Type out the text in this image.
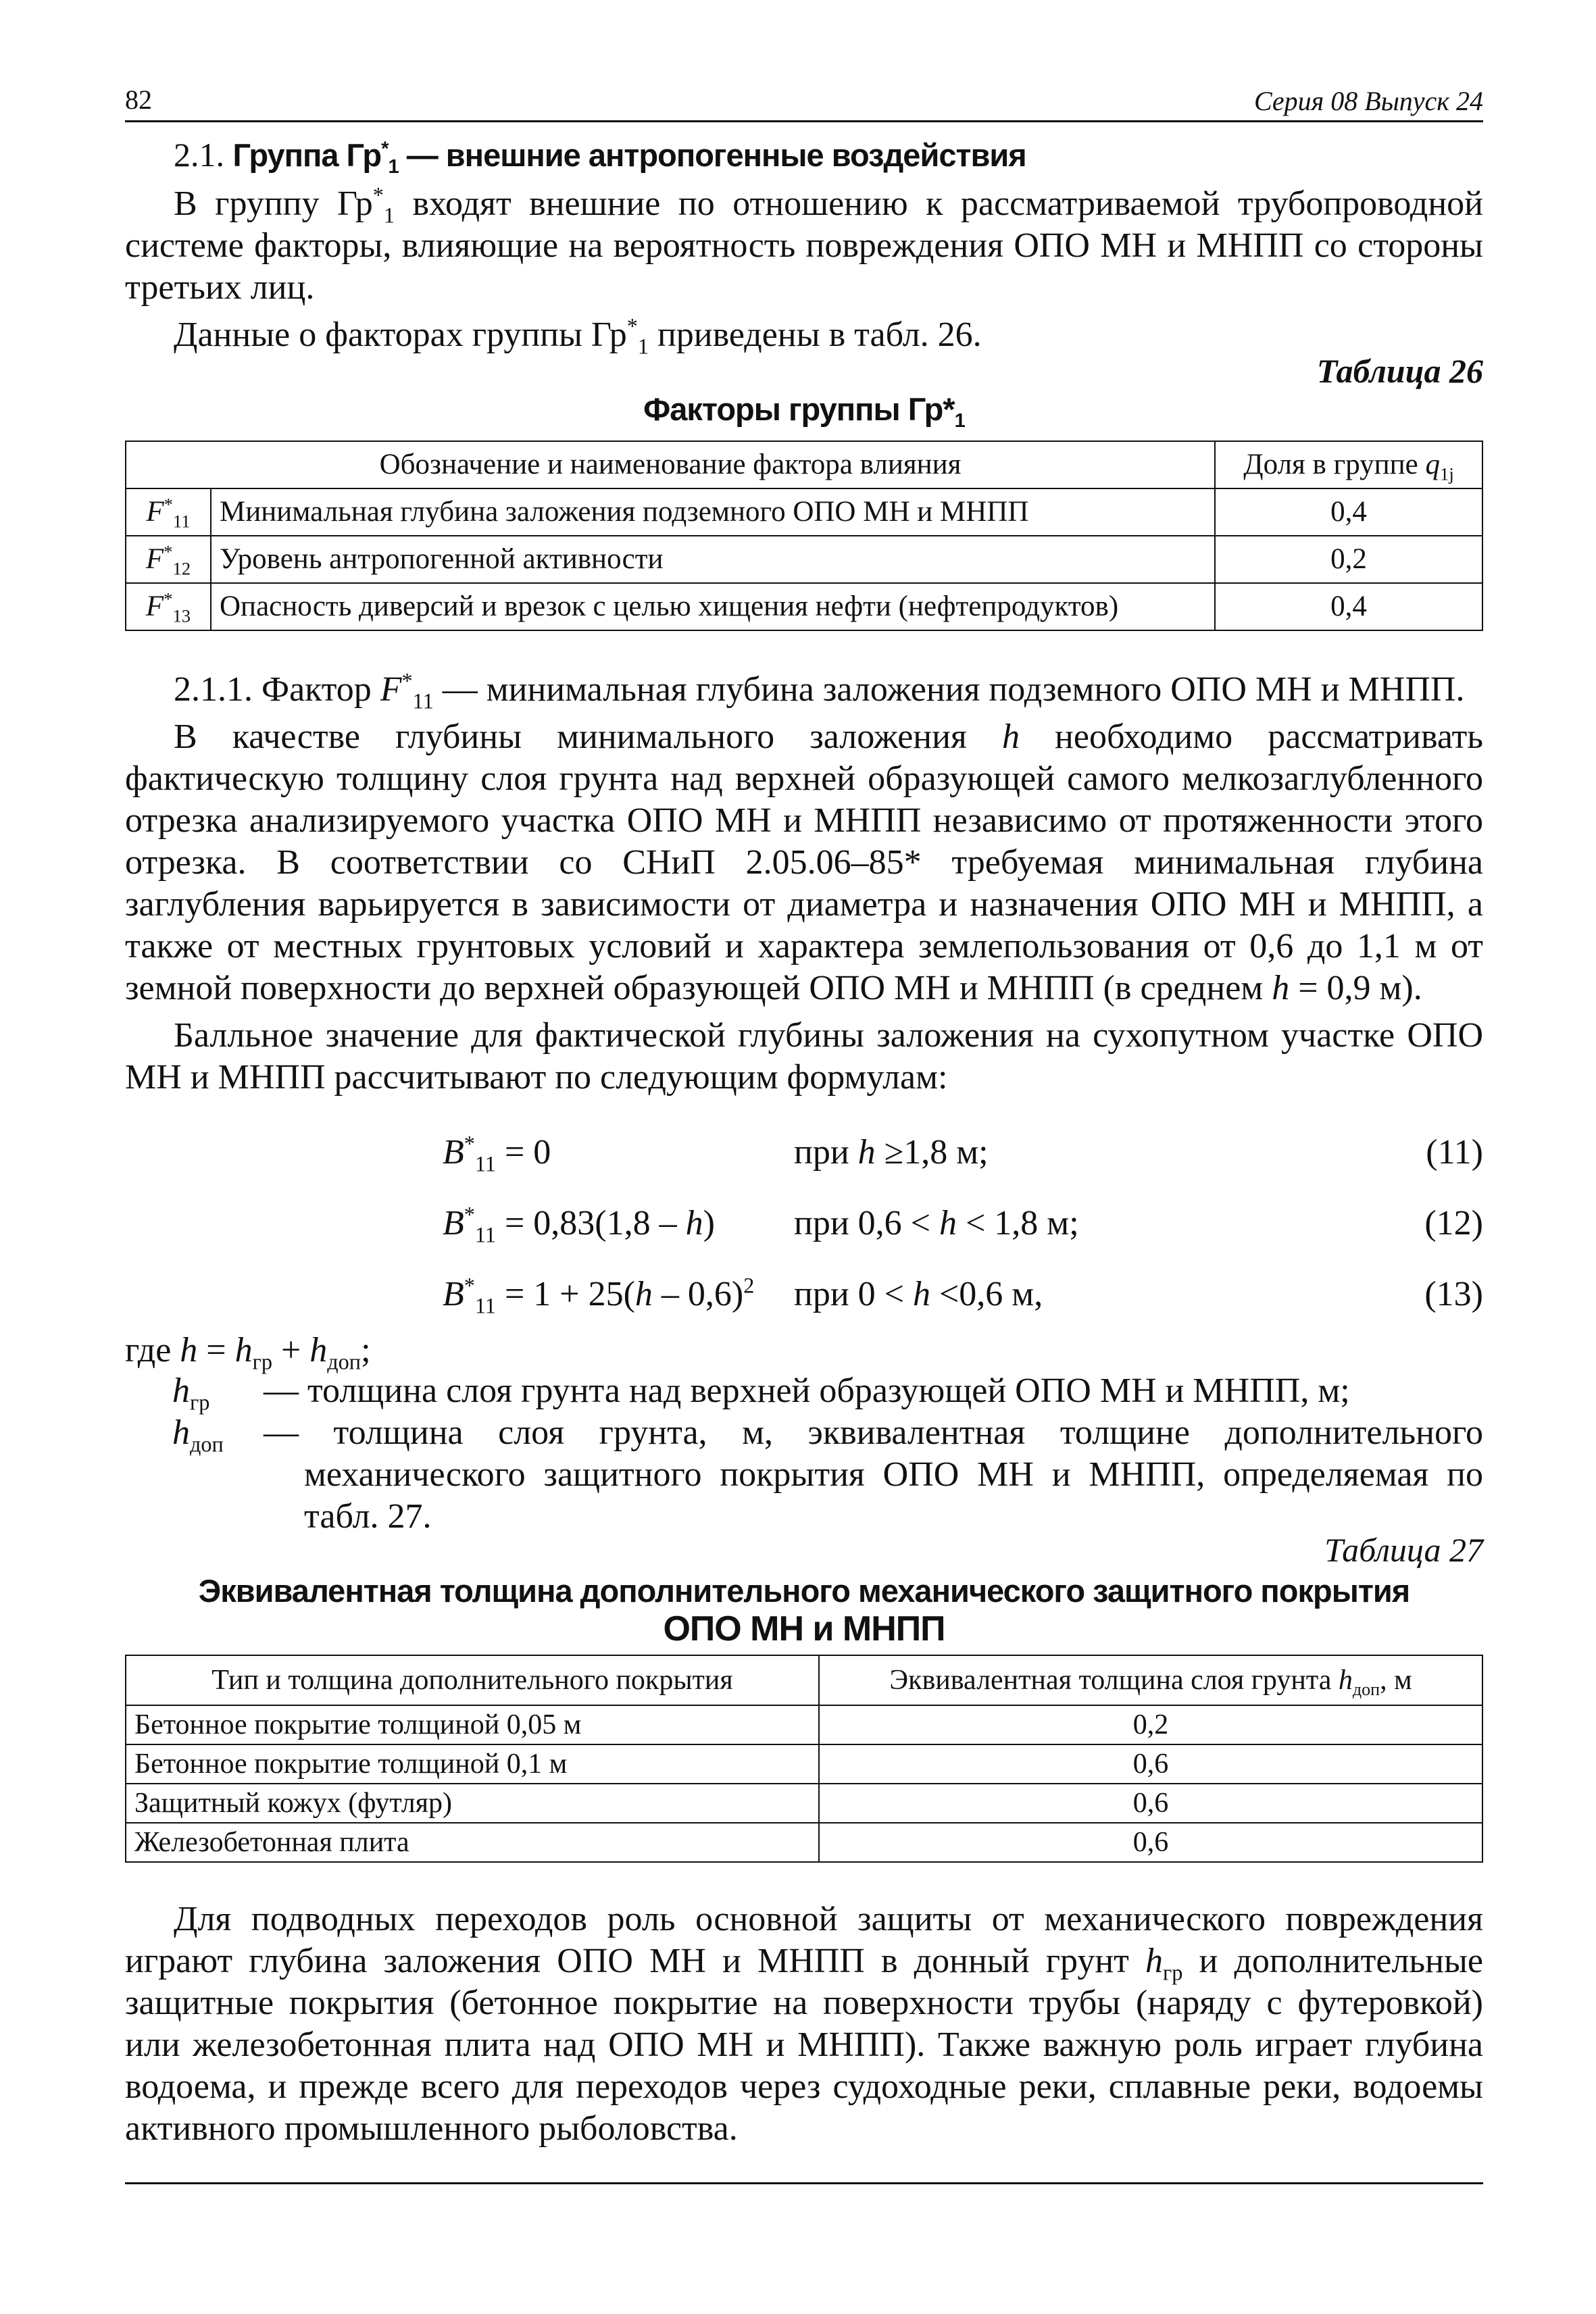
82	Серия 08 Выпуск 24

2.1. Группа $Гр^*_1$ — внешние антропогенные воздействия

В группу $Гр^*_1$ входят внешние по отношению к рассматриваемой трубопроводной системе факторы, влияющие на вероятность повреждения ОПО МН и МНПП со стороны третьих лиц.

Данные о факторах группы $Гр^*_1$ приведены в табл. 26.

Таблица 26
Факторы группы $Гр*_1$
Обозначение и наименование фактора влияния		Доля в группе $q_{1j}$
$F^*_{11}$	Минимальная глубина заложения подземного ОПО МН и МНПП	0,4
$F^*_{12}$	Уровень антропогенной активности	0,2
$F^*_{13}$	Опасность диверсий и врезок с целью хищения нефти (нефтепродуктов)	0,4

2.1.1. Фактор $F^*_{11}$ — минимальная глубина заложения подземного ОПО МН и МНПП.

В качестве глубины минимального заложения h необходимо рассматривать фактическую толщину слоя грунта над верхней образующей самого мелкозаглубленного отрезка анализируемого участка ОПО МН и МНПП независимо от протяженности этого отрезка. В соответствии со СНиП 2.05.06–85* требуемая минимальная глубина заглубления варьируется в зависимости от диаметра и назначения ОПО МН и МНПП, а также от местных грунтовых условий и характера землепользования от 0,6 до 1,1 м от земной поверхности до верхней образующей ОПО МН и МНПП (в среднем h = 0,9 м).

Балльное значение для фактической глубины заложения на сухопутном участке ОПО МН и МНПП рассчитывают по следующим формулам:

$B^*_{11} = 0$	при h ≥1,8 м;	(11)
$B^*_{11} = 0,83(1,8 - h)$ при 0,6 < h < 1,8 м;	(12)
$B^*_{11} = 1 + 25(h - 0,6)^2$ при 0 < h <0,6 м,	(13)
где $h = h_{гр} + h_{доп}$;
$h_{гр}$ — толщина слоя грунта над верхней образующей ОПО МН и МНПП, м;
$h_{доп}$ — толщина слоя грунта, м, эквивалентная толщине дополнительного механического защитного покрытия ОПО МН и МНПП, определяемая по табл. 27.

Таблица 27
Эквивалентная толщина дополнительного механического защитного покрытия
ОПО МН и МНПП
Тип и толщина дополнительного покрытия	Эквивалентная толщина слоя грунта $h_{доп}$, м
Бетонное покрытие толщиной 0,05 м	0,2
Бетонное покрытие толщиной 0,1 м	0,6
Защитный кожух (футляр)	0,6
Железобетонная плита	0,6

Для подводных переходов роль основной защиты от механического повреждения играют глубина заложения ОПО МН и МНПП в донный грунт $h_{гр}$ и дополнительные защитные покрытия (бетонное покрытие на поверхности трубы (наряду с футеровкой) или железобетонная плита над ОПО МН и МНПП). Также важную роль играет глубина водоема, и прежде всего для переходов через судоходные реки, сплавные реки, водоемы активного промышленного рыболовства.
